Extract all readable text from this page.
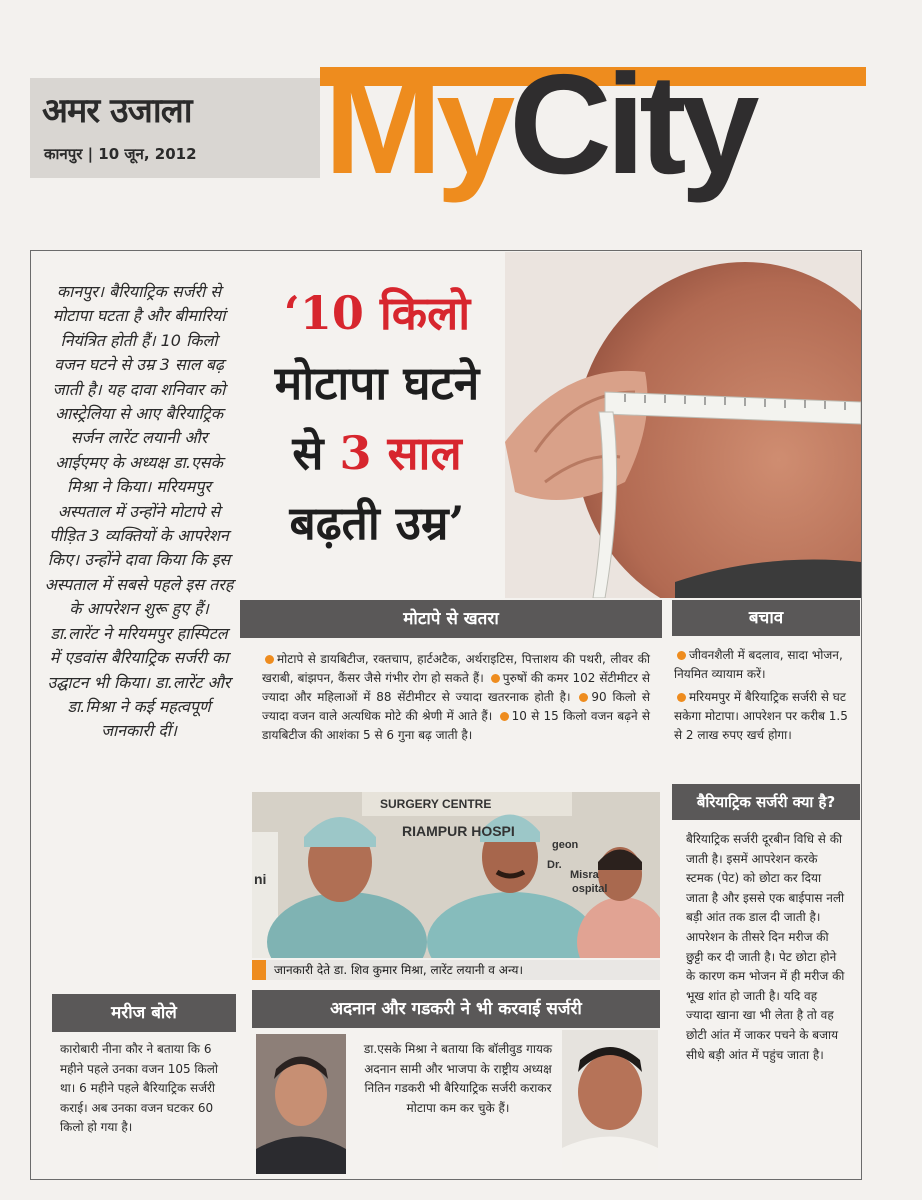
अमर उजाला
कानपुर | 10 जून, 2012 MyCity
कानपुर। बैरियाट्रिक सर्जरी से मोटापा घटता है और बीमारियां नियंत्रित होती हैं। 10 किलो वजन घटने से उम्र 3 साल बढ़ जाती है। यह दावा शनिवार को आस्ट्रेलिया से आए बैरियाट्रिक सर्जन लारेंट लयानी और आईएमए के अध्यक्ष डा.एसके मिश्रा ने किया। मरियमपुर अस्पताल में उन्होंने मोटापे से पीड़ित 3 व्यक्तियों के आपरेशन किए। उन्होंने दावा किया कि इस अस्पताल में सबसे पहले इस तरह के आपरेशन शुरू हुए हैं। डा.लारेंट ने मरियमपुर हास्पिटल में एडवांस बैरियाट्रिक सर्जरी का उद्घाटन भी किया। डा.लारेंट और डा.मिश्रा ने कई महत्वपूर्ण जानकारी दीं।
‘10 किलो
मोटापा घटने
से 3 साल
बढ़ती उम्र’
मोटापे से खतरा
मोटापे से डायबिटीज, रक्तचाप, हार्टअटैक, अर्थराइटिस, पित्ताशय की पथरी, लीवर की खराबी, बांझपन, कैंसर जैसे गंभीर रोग हो सकते हैं। पुरुषों की कमर 102 सेंटीमीटर से ज्यादा और महिलाओं में 88 सेंटीमीटर से ज्यादा खतरनाक होती है। 90 किलो से ज्यादा वजन वाले अत्यधिक मोटे की श्रेणी में आते हैं। 10 से 15 किलो वजन बढ़ने से डायबिटीज की आशंका 5 से 6 गुना बढ़ जाती है।
बचाव
जीवनशैली में बदलाव, सादा भोजन, नियमित व्यायाम करें।
मरियमपुर में बैरियाट्रिक सर्जरी से घट सकेगा मोटापा। आपरेशन पर करीब 1.5 से 2 लाख रुपए खर्च होगा।
SURGERY CENTRE
RIAMPUR HOSPI
geon
Dr.
Misra
ospital
ni
जानकारी देते डा. शिव कुमार मिश्रा, लारेंट लयानी व अन्य।
बैरियाट्रिक सर्जरी क्या है?
बैरियाट्रिक सर्जरी दूरबीन विधि से की जाती है। इसमें आपरेशन करके स्टमक (पेट) को छोटा कर दिया जाता है और इससे एक बाईपास नली बड़ी आंत तक डाल दी जाती है। आपरेशन के तीसरे दिन मरीज की छुट्टी कर दी जाती है। पेट छोटा होने के कारण कम भोजन में ही मरीज की भूख शांत हो जाती है। यदि वह ज्यादा खाना खा भी लेता है तो वह छोटी आंत में जाकर पचने के बजाय सीधे बड़ी आंत में पहुंच जाता है।
मरीज बोले
कारोबारी नीना कौर ने बताया कि 6 महीने पहले उनका वजन 105 किलो था। 6 महीने पहले बैरियाट्रिक सर्जरी कराई। अब उनका वजन घटकर 60 किलो हो गया है।
अदनान और गडकरी ने भी करवाई सर्जरी
डा.एसके मिश्रा ने बताया कि बॉलीवुड गायक अदनान सामी और भाजपा के राष्ट्रीय अध्यक्ष नितिन गडकरी भी बैरियाट्रिक सर्जरी कराकर मोटापा कम कर चुके हैं।
